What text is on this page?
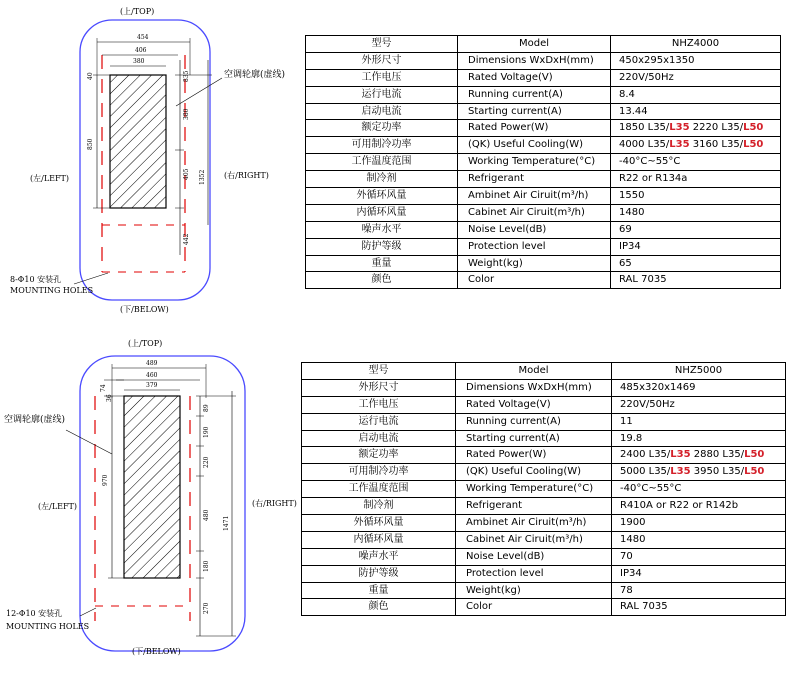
(上/TOP)
(下/BELOW)
(左/LEFT)	(右/RIGHT)
空调轮廓(虚线)
8-Φ10 安装孔
MOUNTING HOLES
454
406
380
40
850
835
380
405 1352
442
型号	Model	NHZ4000
外形尺寸	Dimensions WxDxH(mm)	450x295x1350
工作电压	Rated Voltage(V)	220V/50Hz
运行电流	Running current(A)	8.4
启动电流	Starting current(A)	13.44
额定功率	Rated Power(W)	1850 L35/L35 2220 L35/L50
可用制冷功率	(QK) Useful Cooling(W)	4000 L35/L35 3160 L35/L50
工作温度范围	Working Temperature(°C)	-40°C~55°C
制冷剂	Refrigerant	R22 or R134a
外循环风量	Ambinet Air Ciruit(m³/h)	1550
内循环风量	Cabinet Air Ciruit(m³/h)	1480
噪声水平	Noise Level(dB)	69
防护等级	Protection level	IP34
重量	Weight(kg)	65
颜色	Color	RAL 7035
(上/TOP)
(下/BELOW)
(左/LEFT)	(右/RIGHT)
空调轮廓(虚线)
12-Φ10 安装孔
MOUNTING HOLES
489
460
379
74
36
970
89
190
220
480
180
270
1471
型号	Model	NHZ5000
外形尺寸	Dimensions WxDxH(mm)	485x320x1469
工作电压	Rated Voltage(V)	220V/50Hz
运行电流	Running current(A)	11
启动电流	Starting current(A)	19.8
额定功率	Rated Power(W)	2400 L35/L35 2880 L35/L50
可用制冷功率	(QK) Useful Cooling(W)	5000 L35/L35 3950 L35/L50
工作温度范围	Working Temperature(°C)	-40°C~55°C
制冷剂	Refrigerant	R410A or R22 or R142b
外循环风量	Ambinet Air Ciruit(m³/h)	1900
内循环风量	Cabinet Air Ciruit(m³/h)	1480
噪声水平	Noise Level(dB)	70
防护等级	Protection level	IP34
重量	Weight(kg)	78
颜色	Color	RAL 7035
